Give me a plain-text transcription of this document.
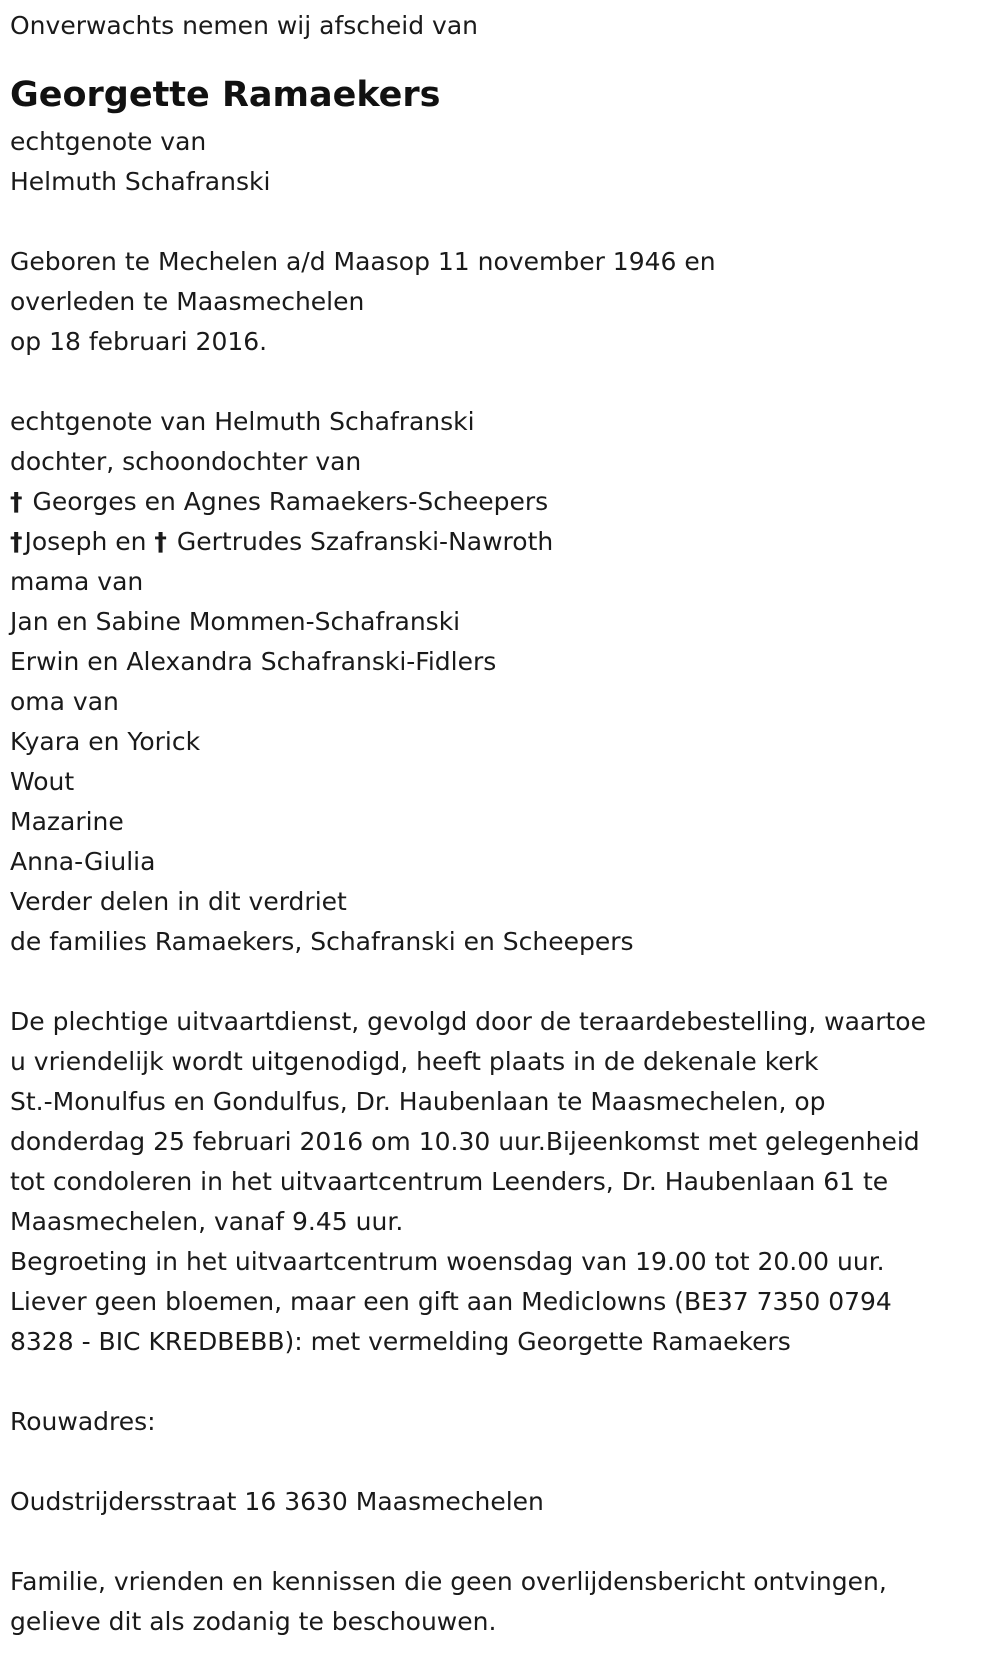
Onverwachts nemen wij afscheid van

Georgette Ramaekers

echtgenote van

Helmuth Schafranski

Geboren te Mechelen a/d Maasop 11 november 1946 en

overleden te Maasmechelen

op 18 februari 2016.

echtgenote van Helmuth Schafranski

dochter, schoondochter van

† Georges en Agnes Ramaekers-Scheepers

†Joseph en † Gertrudes Szafranski-Nawroth

mama van

Jan en Sabine Mommen-Schafranski

Erwin en Alexandra Schafranski-Fidlers

oma van

Kyara en Yorick

Wout

Mazarine

Anna-Giulia

Verder delen in dit verdriet

de families Ramaekers, Schafranski en Scheepers

De plechtige uitvaartdienst, gevolgd door de teraardebestelling, waartoe

u vriendelijk wordt uitgenodigd, heeft plaats in de dekenale kerk

St.-Monulfus en Gondulfus, Dr. Haubenlaan te Maasmechelen, op

donderdag 25 februari 2016 om 10.30 uur.Bijeenkomst met gelegenheid

tot condoleren in het uitvaartcentrum Leenders, Dr. Haubenlaan 61 te

Maasmechelen, vanaf 9.45 uur.

Begroeting in het uitvaartcentrum woensdag van 19.00 tot 20.00 uur.

Liever geen bloemen, maar een gift aan Mediclowns (BE37 7350 0794

8328 - BIC KREDBEBB): met vermelding Georgette Ramaekers

Rouwadres:

Oudstrijdersstraat 16 3630 Maasmechelen

Familie, vrienden en kennissen die geen overlijdensbericht ontvingen,

gelieve dit als zodanig te beschouwen.
